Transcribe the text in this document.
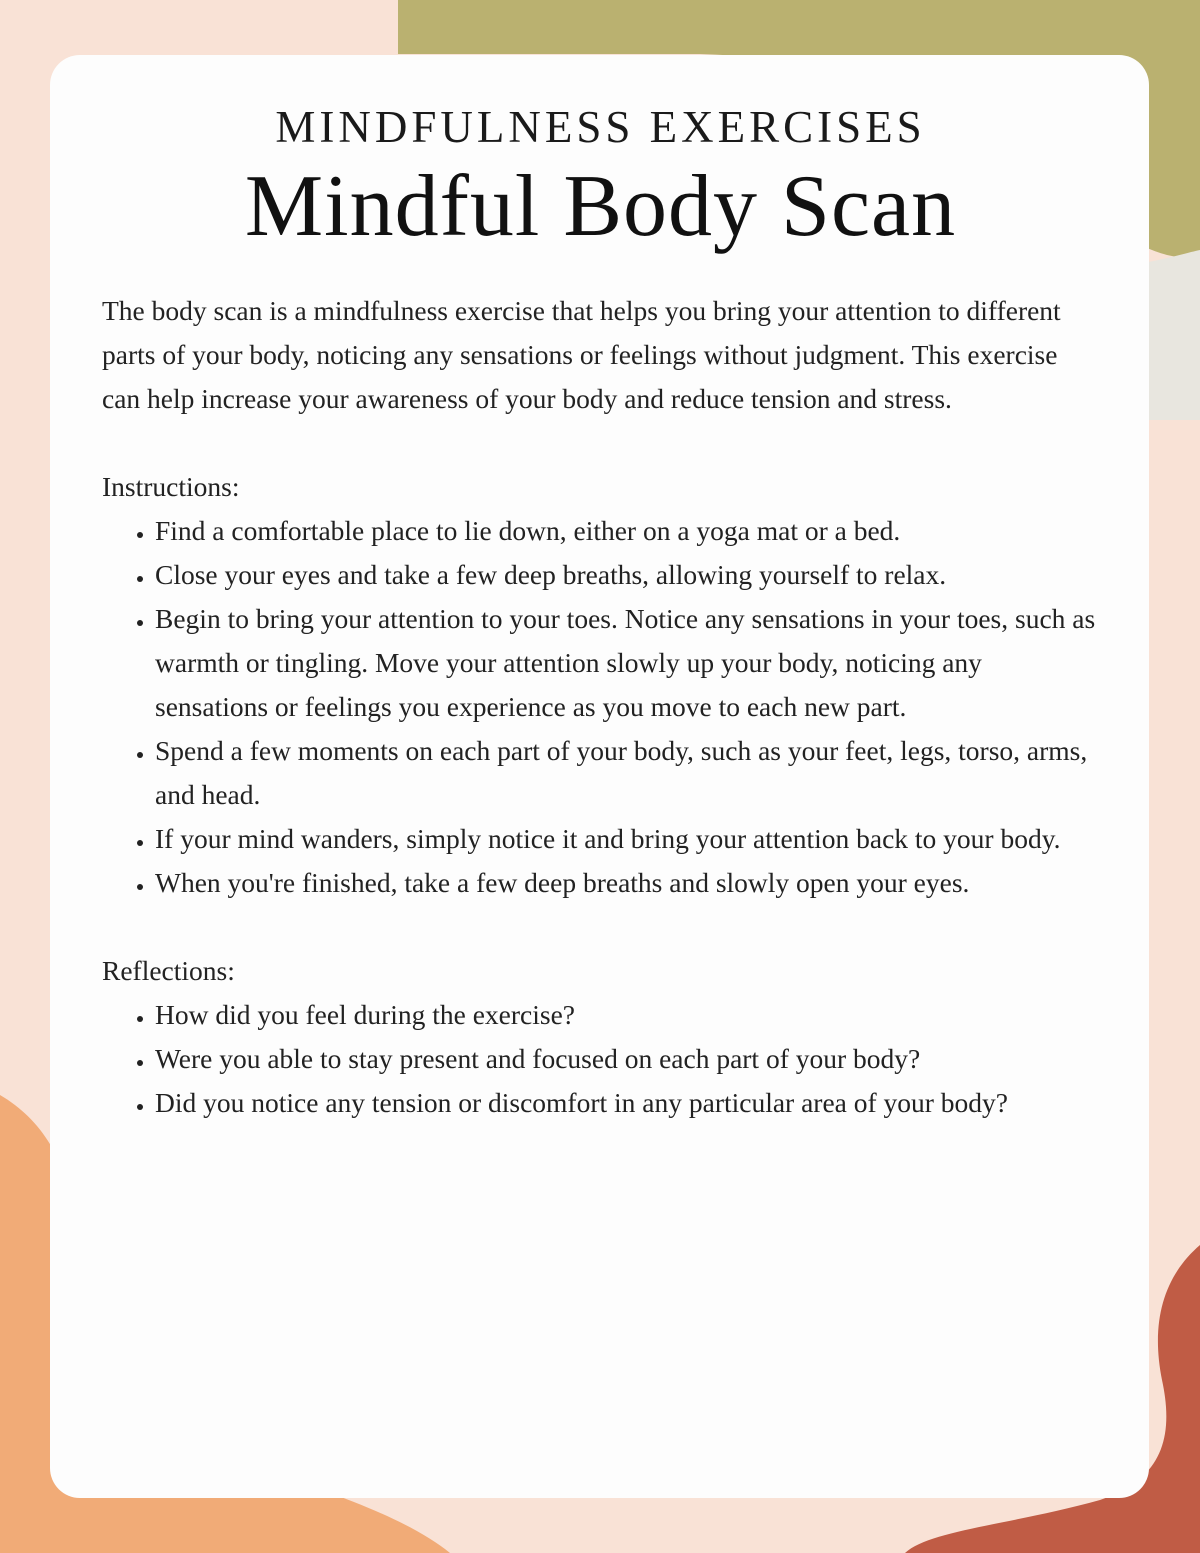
MINDFULNESS EXERCISES
Mindful Body Scan

The body scan is a mindfulness exercise that helps you bring your attention to different parts of your body, noticing any sensations or feelings without judgment. This exercise can help increase your awareness of your body and reduce tension and stress.

Instructions:
• Find a comfortable place to lie down, either on a yoga mat or a bed.
• Close your eyes and take a few deep breaths, allowing yourself to relax.
• Begin to bring your attention to your toes. Notice any sensations in your toes, such as warmth or tingling. Move your attention slowly up your body, noticing any sensations or feelings you experience as you move to each new part.
• Spend a few moments on each part of your body, such as your feet, legs, torso, arms, and head.
• If your mind wanders, simply notice it and bring your attention back to your body.
• When you're finished, take a few deep breaths and slowly open your eyes.
Reflections:
• How did you feel during the exercise?
• Were you able to stay present and focused on each part of your body?
• Did you notice any tension or discomfort in any particular area of your body?
